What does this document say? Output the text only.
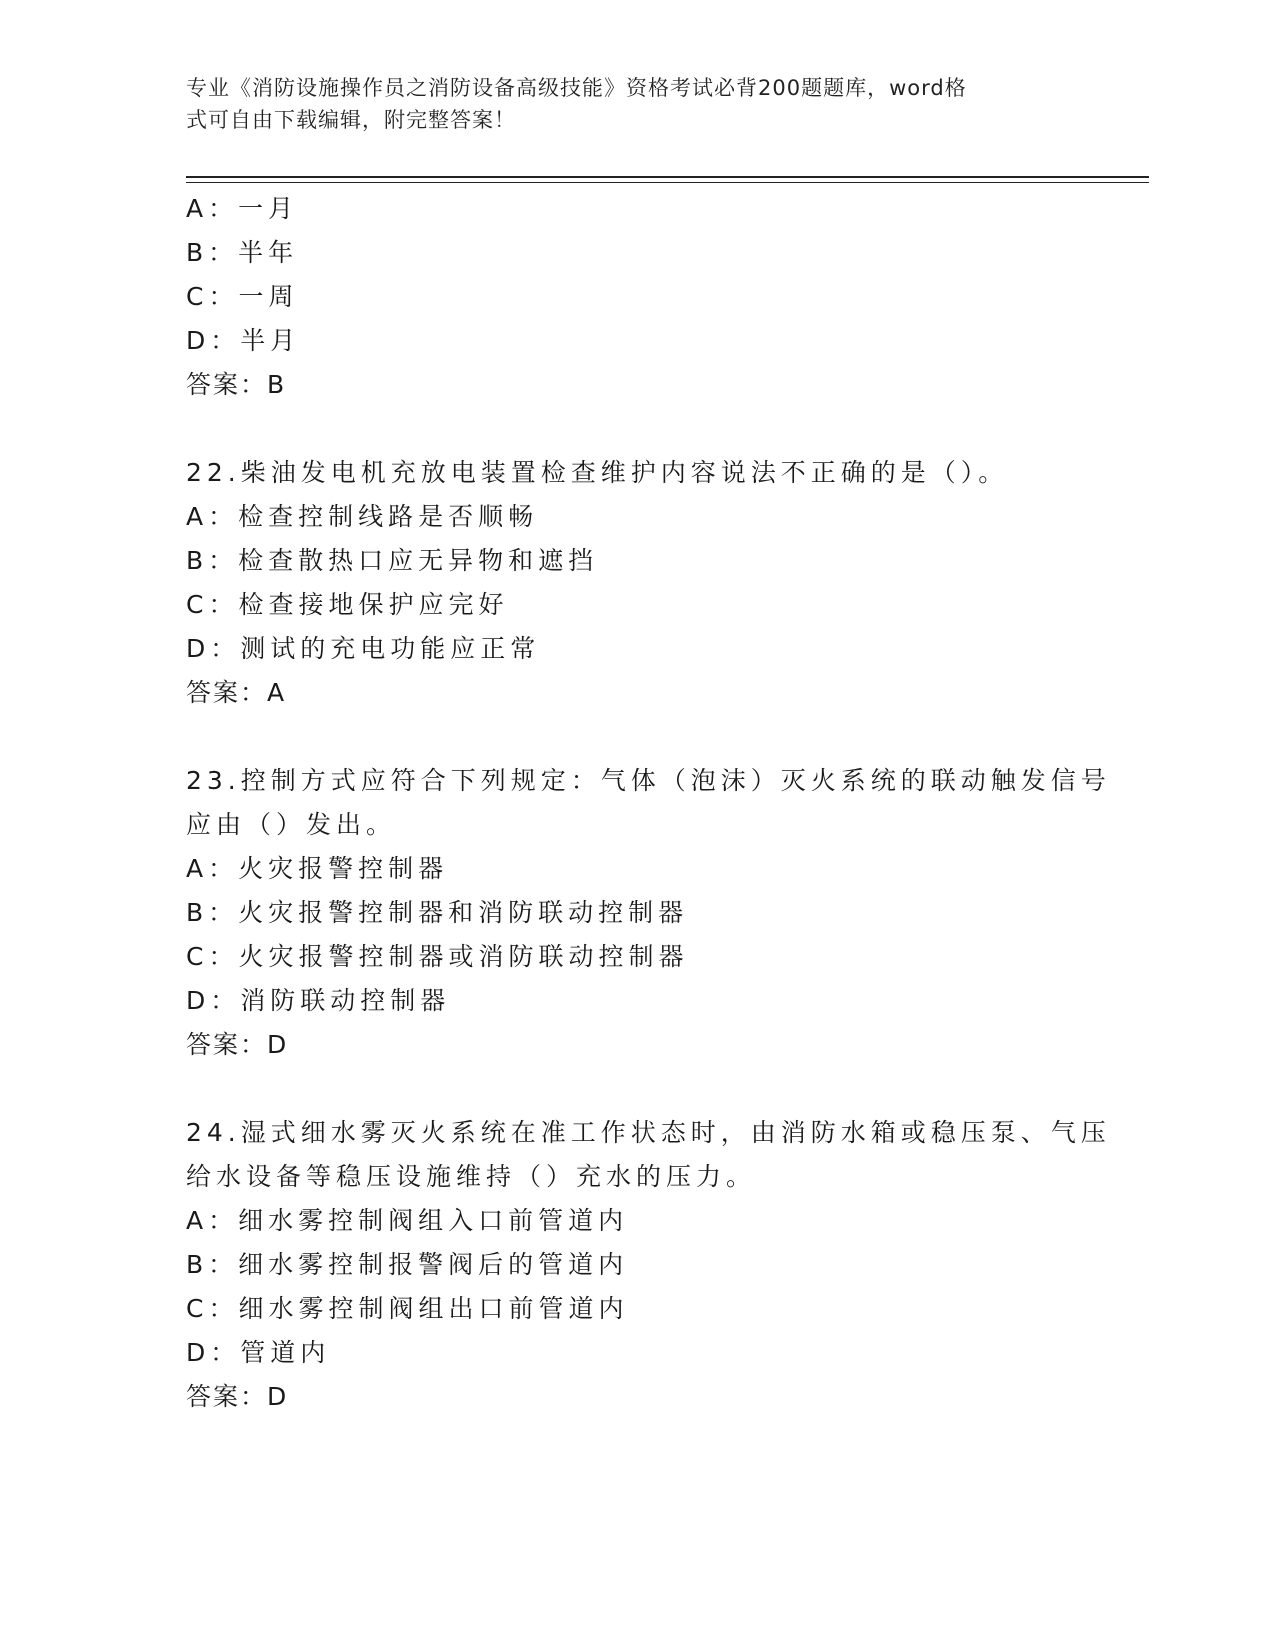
专业《消防设施操作员之消防设备高级技能》资格考试必背200题题库，word格
式可自由下载编辑，附完整答案！
A：一月
B：半年
C：一周
D：半月
答案：B
22.柴油发电机充放电装置检查维护内容说法不正确的是（）。
A：检查控制线路是否顺畅
B：检查散热口应无异物和遮挡
C：检查接地保护应完好
D：测试的充电功能应正常
答案：A
23.控制方式应符合下列规定：气体（泡沫）灭火系统的联动触发信号
应由（）发出。
A：火灾报警控制器
B：火灾报警控制器和消防联动控制器
C：火灾报警控制器或消防联动控制器
D：消防联动控制器
答案：D
24.湿式细水雾灭火系统在准工作状态时，由消防水箱或稳压泵、气压
给水设备等稳压设施维持（）充水的压力。
A：细水雾控制阀组入口前管道内
B：细水雾控制报警阀后的管道内
C：细水雾控制阀组出口前管道内
D：管道内
答案：D
